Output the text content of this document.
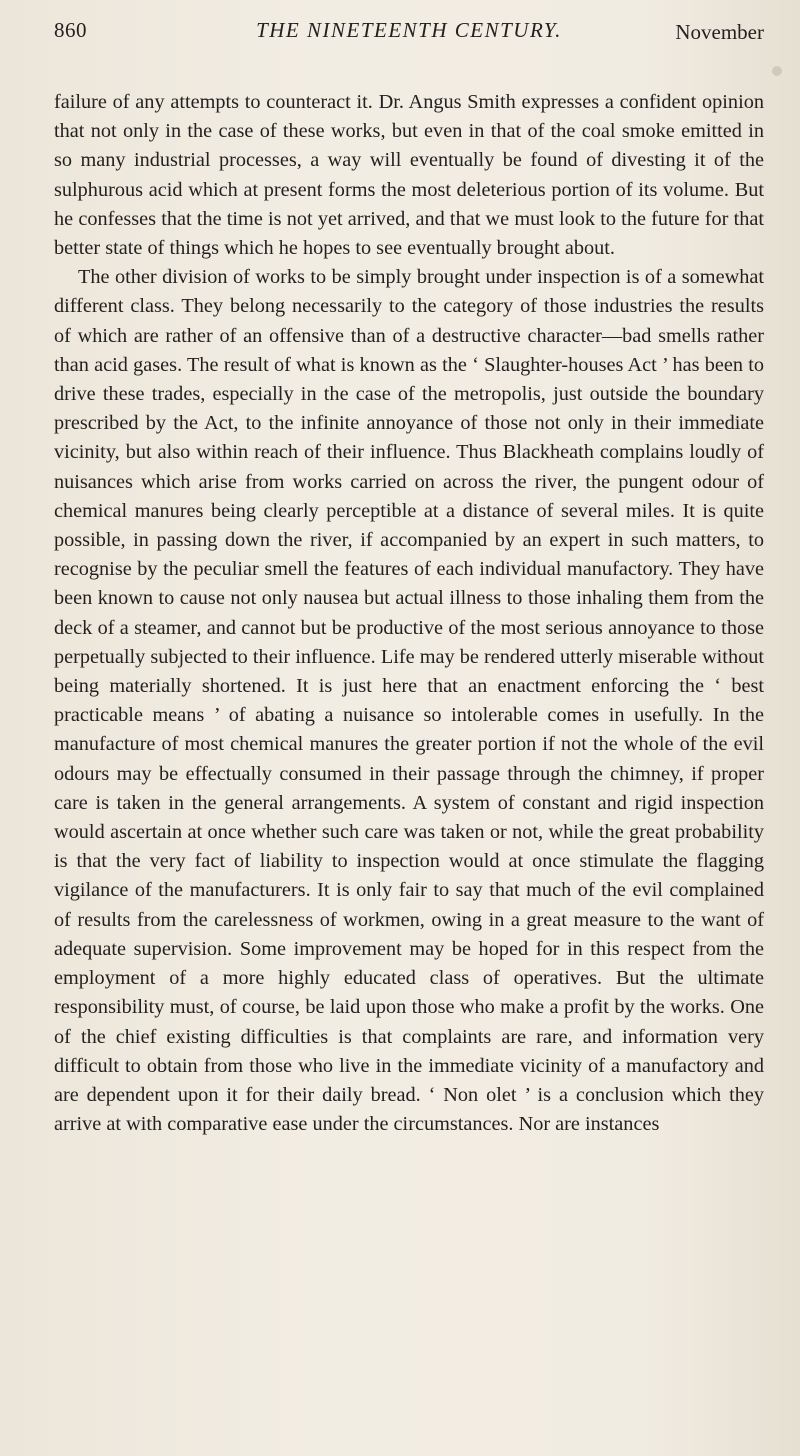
860	THE NINETEENTH CENTURY.	November

failure of any attempts to counteract it. Dr. Angus Smith expresses a confident opinion that not only in the case of these works, but even in that of the coal smoke emitted in so many industrial processes, a way will eventually be found of divesting it of the sulphurous acid which at present forms the most deleterious portion of its volume. But he confesses that the time is not yet arrived, and that we must look to the future for that better state of things which he hopes to see eventually brought about.

The other division of works to be simply brought under inspection is of a somewhat different class. They belong necessarily to the category of those industries the results of which are rather of an offensive than of a destructive character—bad smells rather than acid gases. The result of what is known as the ‘ Slaughter-houses Act ’ has been to drive these trades, especially in the case of the metropolis, just outside the boundary prescribed by the Act, to the infinite annoyance of those not only in their immediate vicinity, but also within reach of their influence. Thus Blackheath complains loudly of nuisances which arise from works carried on across the river, the pungent odour of chemical manures being clearly perceptible at a distance of several miles. It is quite possible, in passing down the river, if accompanied by an expert in such matters, to recognise by the peculiar smell the features of each individual manufactory. They have been known to cause not only nausea but actual illness to those inhaling them from the deck of a steamer, and cannot but be productive of the most serious annoyance to those perpetually subjected to their influence. Life may be rendered utterly miserable without being materially shortened. It is just here that an enactment enforcing the ‘ best practicable means ’ of abating a nuisance so intolerable comes in usefully. In the manufacture of most chemical manures the greater portion if not the whole of the evil odours may be effectually consumed in their passage through the chimney, if proper care is taken in the general arrangements. A system of constant and rigid inspection would ascertain at once whether such care was taken or not, while the great probability is that the very fact of liability to inspection would at once stimulate the flagging vigilance of the manufacturers. It is only fair to say that much of the evil complained of results from the carelessness of workmen, owing in a great measure to the want of adequate supervision. Some improvement may be hoped for in this respect from the employment of a more highly educated class of operatives. But the ultimate responsibility must, of course, be laid upon those who make a profit by the works. One of the chief existing difficulties is that complaints are rare, and information very difficult to obtain from those who live in the immediate vicinity of a manufactory and are dependent upon it for their daily bread. ‘ Non olet ’ is a conclusion which they arrive at with comparative ease under the circumstances. Nor are instances
